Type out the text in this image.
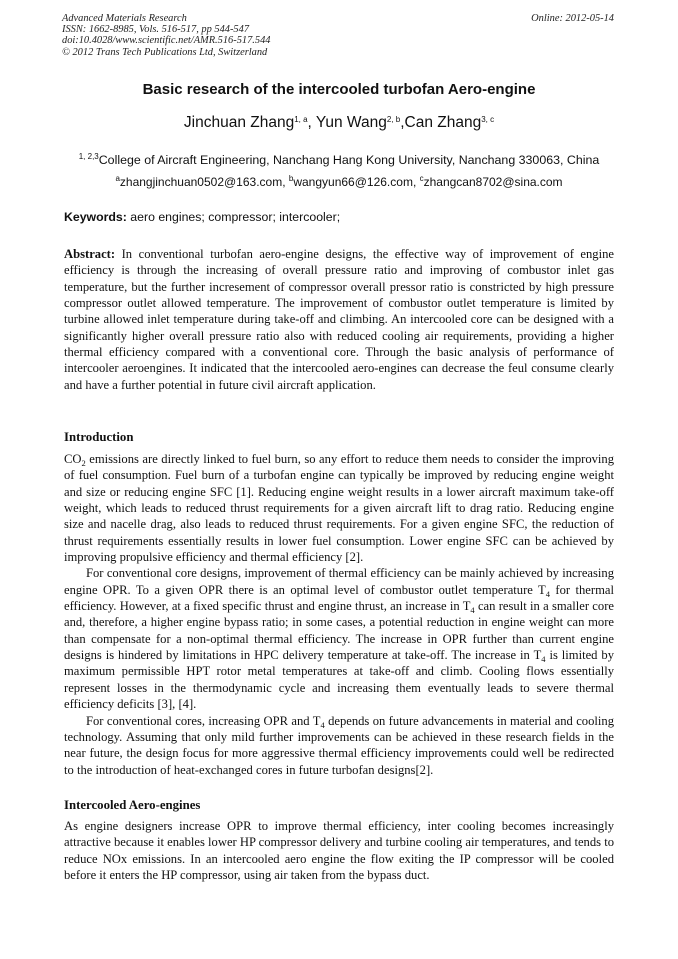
Advanced Materials Research
ISSN: 1662-8985, Vols. 516-517, pp 544-547
doi:10.4028/www.scientific.net/AMR.516-517.544
© 2012 Trans Tech Publications Ltd, Switzerland
Online: 2012-05-14
Basic research of the intercooled turbofan Aero-engine
Jinchuan Zhang$^{1, a}$, Yun Wang$^{2, b}$,Can Zhang$^{3, c}$
$^{1, 2,3}$College of Aircraft Engineering, Nanchang Hang Kong University, Nanchang 330063, China
$^a$zhangjinchuan0502@163.com, $^b$wangyun66@126.com, $^c$zhangcan8702@sina.com
Keywords: aero engines; compressor; intercooler;

Abstract: In conventional turbofan aero-engine designs, the effective way of improvement of engine efficiency is through the increasing of overall pressure ratio and improving of combustor inlet gas temperature, but the further incresement of compressor overall pressor ratio is constricted by high pressure compressor outlet allowed temperature. The improvement of combustor outlet temperature is limited by turbine allowed inlet temperature during take-off and climbing. An intercooled core can be designed with a significantly higher overall pressure ratio also with reduced cooling air requirements, providing a higher thermal efficiency compared with a conventional core. Through the basic analysis of performance of intercooler aeroengines. It indicated that the intercooled aero-engines can decrease the feul consume clearly and have a further potential in future civil aircraft application.

Introduction

$CO_2$ emissions are directly linked to fuel burn, so any effort to reduce them needs to consider the improving of fuel consumption. Fuel burn of a turbofan engine can typically be improved by reducing engine weight and size or reducing engine SFC [1]. Reducing engine weight results in a lower aircraft maximum take-off weight, which leads to reduced thrust requirements for a given aircraft lift to drag ratio. Reducing engine size and nacelle drag, also leads to reduced thrust requirements. For a given engine SFC, the reduction of thrust requirements essentially results in lower fuel consumption. Lower engine SFC can be achieved by improving propulsive efficiency and thermal efficiency [2].

For conventional core designs, improvement of thermal efficiency can be mainly achieved by increasing engine OPR. To a given OPR there is an optimal level of combustor outlet temperature $T_4$ for thermal efficiency. However, at a fixed specific thrust and engine thrust, an increase in $T_4$ can result in a smaller core and, therefore, a higher engine bypass ratio; in some cases, a potential reduction in engine weight can more than compensate for a non-optimal thermal efficiency. The increase in OPR further than current engine designs is hindered by limitations in HPC delivery temperature at take-off. The increase in $T_4$ is limited by maximum permissible HPT rotor metal temperatures at take-off and climb. Cooling flows essentially represent losses in the thermodynamic cycle and increasing them eventually leads to severe thermal efficiency deficits [3], [4].

For conventional cores, increasing OPR and $T_4$ depends on future advancements in material and cooling technology. Assuming that only mild further improvements can be achieved in these research fields in the near future, the design focus for more aggressive thermal efficiency improvements could well be redirected to the introduction of heat-exchanged cores in future turbofan designs[2].

Intercooled Aero-engines

As engine designers increase OPR to improve thermal efficiency, inter cooling becomes increasingly attractive because it enables lower HP compressor delivery and turbine cooling air temperatures, and tends to reduce NOx emissions. In an intercooled aero engine the flow exiting the IP compressor will be cooled before it enters the HP compressor, using air taken from the bypass duct.
